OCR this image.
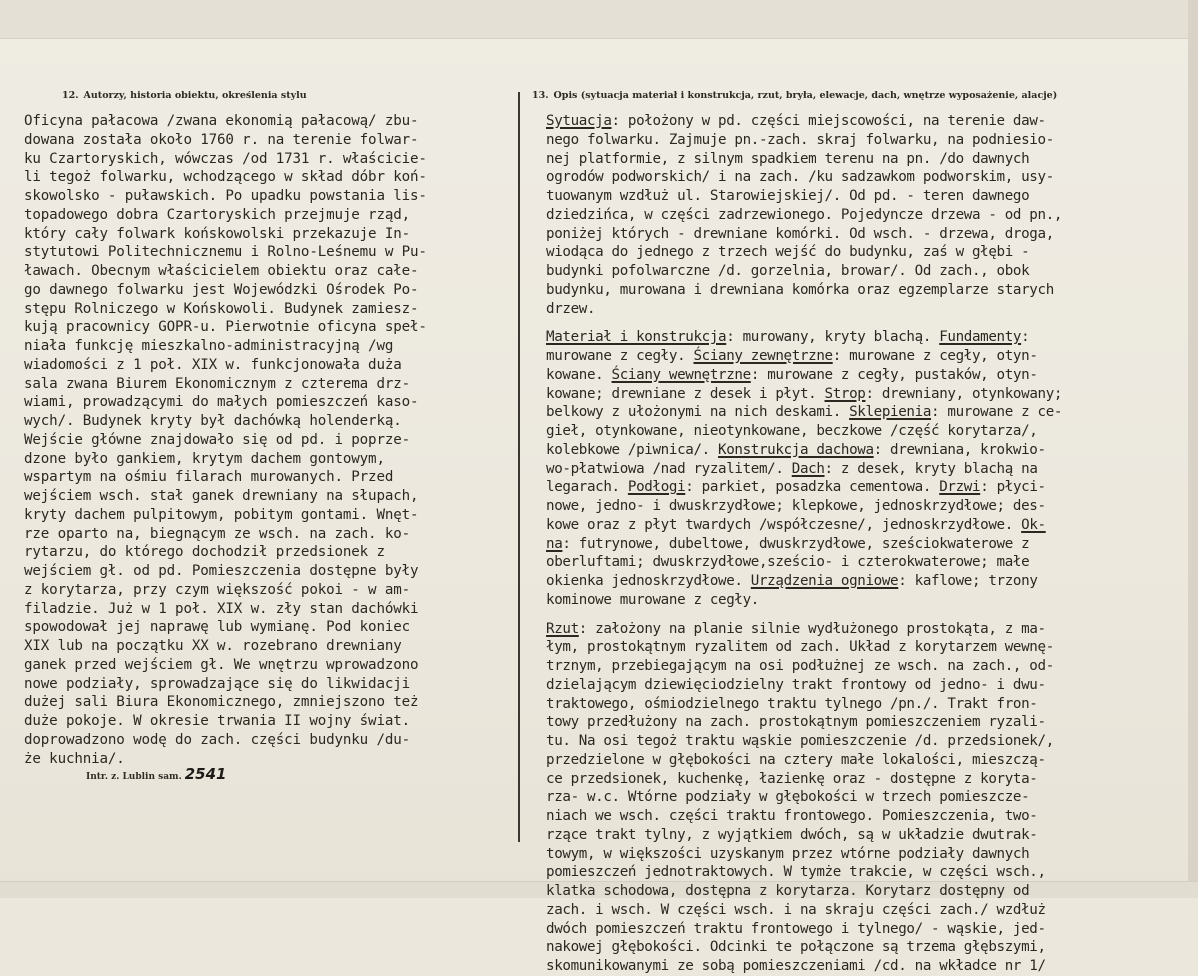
12. Autorzy, historia obiektu, określenia stylu	13. Opis (sytuacja materiał i konstrukcja, rzut, bryła, elewacje, dach, wnętrze wyposażenie, alacje)
Oficyna pałacowa /zwana ekonomią pałacową/ zbu-
dowana została około 1760 r. na terenie folwar-
ku Czartoryskich, wówczas /od 1731 r. właścicie-
li tegoż folwarku, wchodzącego w skład dóbr koń-
skowolsko - puławskich. Po upadku powstania lis-
topadowego dobra Czartoryskich przejmuje rząd,
który cały folwark końskowolski przekazuje In-
stytutowi Politechnicznemu i Rolno-Leśnemu w Pu-
ławach. Obecnym właścicielem obiektu oraz całe-
go dawnego folwarku jest Wojewódzki Ośrodek Po-
stępu Rolniczego w Końskowoli. Budynek zamiesz-
kują pracownicy GOPR-u. Pierwotnie oficyna speł-
niała funkcję mieszkalno-administracyjną /wg
wiadomości z 1 poł. XIX w. funkcjonowała duża
sala zwana Biurem Ekonomicznym z czterema drz-
wiami, prowadzącymi do małych pomieszczeń kaso-
wych/. Budynek kryty był dachówką holenderką.
Wejście główne znajdowało się od pd. i poprze-
dzone było gankiem, krytym dachem gontowym,
wspartym na ośmiu filarach murowanych. Przed
wejściem wsch. stał ganek drewniany na słupach,
kryty dachem pulpitowym, pobitym gontami. Wnęt-
rze oparto na, biegnącym ze wsch. na zach. ko-
rytarzu, do którego dochodził przedsionek z
wejściem gł. od pd. Pomieszczenia dostępne były
z korytarza, przy czym większość pokoi - w am-
filadzie. Już w 1 poł. XIX w. zły stan dachówki
spowodował jej naprawę lub wymianę. Pod koniec
XIX lub na początku XX w. rozebrano drewniany
ganek przed wejściem gł. We wnętrzu wprowadzono
nowe podziały, sprowadzające się do likwidacji
dużej sali Biura Ekonomicznego, zmniejszono też
duże pokoje. W okresie trwania II wojny świat.
doprowadzono wodę do zach. części budynku /du-
że kuchnia/.
Sytuacja: położony w pd. części miejscowości, na terenie daw-
nego folwarku. Zajmuje pn.-zach. skraj folwarku, na podniesio-
nej platformie, z silnym spadkiem terenu na pn. /do dawnych
ogrodów podworskich/ i na zach. /ku sadzawkom podworskim, usy-
tuowanym wzdłuż ul. Starowiejskiej/. Od pd. - teren dawnego
dziedzińca, w części zadrzewionego. Pojedyncze drzewa - od pn.,
poniżej których - drewniane komórki. Od wsch. - drzewa, droga,
wiodąca do jednego z trzech wejść do budynku, zaś w głębi -
budynki pofolwarczne /d. gorzelnia, browar/. Od zach., obok
budynku, murowana i drewniana komórka oraz egzemplarze starych
drzew.
Materiał i konstrukcja: murowany, kryty blachą. Fundamenty:
murowane z cegły. Ściany zewnętrzne: murowane z cegły, otyn-
kowane. Ściany wewnętrzne: murowane z cegły, pustaków, otyn-
kowane; drewniane z desek i płyt. Strop: drewniany, otynkowany;
belkowy z ułożonymi na nich deskami. Sklepienia: murowane z ce-
gieł, otynkowane, nieotynkowane, beczkowe /część korytarza/,
kolebkowe /piwnica/. Konstrukcja dachowa: drewniana, krokwio-
wo-płatwiowa /nad ryzalitem/. Dach: z desek, kryty blachą na
legarach. Podłogi: parkiet, posadzka cementowa. Drzwi: płyci-
nowe, jedno- i dwuskrzydłowe; klepkowe, jednoskrzydłowe; des-
kowe oraz z płyt twardych /współczesne/, jednoskrzydłowe. Ok-
na: futrynowe, dubeltowe, dwuskrzydłowe, sześciokwaterowe z
oberluftami; dwuskrzydłowe,sześcio- i czterokwaterowe; małe
okienka jednoskrzydłowe. Urządzenia ogniowe: kaflowe; trzony
kominowe murowane z cegły.
Rzut: założony na planie silnie wydłużonego prostokąta, z ma-
łym, prostokątnym ryzalitem od zach. Układ z korytarzem wewnę-
trznym, przebiegającym na osi podłużnej ze wsch. na zach., od-
dzielającym dziewięciodzielny trakt frontowy od jedno- i dwu-
traktowego, ośmiodzielnego traktu tylnego /pn./. Trakt fron-
towy przedłużony na zach. prostokątnym pomieszczeniem ryzali-
tu. Na osi tegoż traktu wąskie pomieszczenie /d. przedsionek/,
przedzielone w głębokości na cztery małe lokalości, mieszczą-
ce przedsionek, kuchenkę, łazienkę oraz - dostępne z koryta-
rza- w.c. Wtórne podziały w głębokości w trzech pomieszcze-
niach we wsch. części traktu frontowego. Pomieszczenia, two-
rzące trakt tylny, z wyjątkiem dwóch, są w układzie dwutrak-
towym, w większości uzyskanym przez wtórne podziały dawnych
pomieszczeń jednotraktowych. W tymże trakcie, w części wsch.,
klatka schodowa, dostępna z korytarza. Korytarz dostępny od
zach. i wsch. W części wsch. i na skraju części zach./ wzdłuż
dwóch pomieszczeń traktu frontowego i tylnego/ - wąskie, jed-
nakowej głębokości. Odcinki te połączone są trzema głębszymi,
skomunikowanymi ze sobą pomieszczeniami /cd. na wkładce nr 1/
Intr. z. Lublin sam. 2541
